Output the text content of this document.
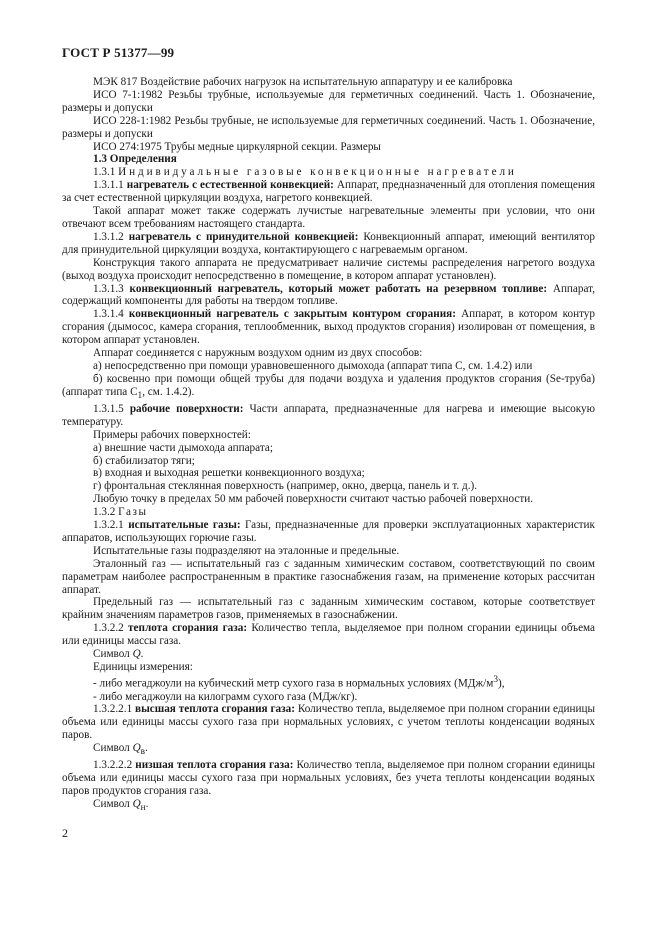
ГОСТ Р 51377—99

МЭК 817 Воздействие рабочих нагрузок на испытательную аппаратуру и ее калибровка

ИСО 7-1:1982 Резьбы трубные, используемые для герметичных соединений. Часть 1. Обозначение, размеры и допуски

ИСО 228-1:1982 Резьбы трубные, не используемые для герметичных соединений. Часть 1. Обозначение, размеры и допуски

ИСО 274:1975 Трубы медные циркулярной секции. Размеры

1.3 Определения

1.3.1 Индивидуальные газовые конвекционные нагреватели

1.3.1.1 нагреватель с естественной конвекцией: Аппарат, предназначенный для отопления помещения за счет естественной циркуляции воздуха, нагретого конвекцией.

Такой аппарат может также содержать лучистые нагревательные элементы при условии, что они отвечают всем требованиям настоящего стандарта.

1.3.1.2 нагреватель с принудительной конвекцией: Конвекционный аппарат, имеющий вентилятор для принудительной циркуляции воздуха, контактирующего с нагреваемым органом.

Конструкция такого аппарата не предусматривает наличие системы распределения нагретого воздуха (выход воздуха происходит непосредственно в помещение, в котором аппарат установлен).

1.3.1.3 конвекционный нагреватель, который может работать на резервном топливе: Аппарат, содержащий компоненты для работы на твердом топливе.

1.3.1.4 конвекционный нагреватель с закрытым контуром сгорания: Аппарат, в котором контур сгорания (дымосос, камера сгорания, теплообменник, выход продуктов сгорания) изолирован от помещения, в котором аппарат установлен.

Аппарат соединяется с наружным воздухом одним из двух способов:

а) непосредственно при помощи уравновешенного дымохода (аппарат типа С, см. 1.4.2) или

б) косвенно при помощи общей трубы для подачи воздуха и удаления продуктов сгорания (Se-труба) (аппарат типа $С_1$, см. 1.4.2).

1.3.1.5 рабочие поверхности: Части аппарата, предназначенные для нагрева и имеющие высокую температуру.

Примеры рабочих поверхностей:

а) внешние части дымохода аппарата;

б) стабилизатор тяги;

в) входная и выходная решетки конвекционного воздуха;

г) фронтальная стеклянная поверхность (например, окно, дверца, панель и т. д.).

Любую точку в пределах 50 мм рабочей поверхности считают частью рабочей поверхности.

1.3.2 Газы

1.3.2.1 испытательные газы: Газы, предназначенные для проверки эксплуатационных характеристик аппаратов, использующих горючие газы.

Испытательные газы подразделяют на эталонные и предельные.

Эталонный газ — испытательный газ с заданным химическим составом, соответствующий по своим параметрам наиболее распространенным в практике газоснабжения газам, на применение которых рассчитан аппарат.

Предельный газ — испытательный газ с заданным химическим составом, которые соответствует крайним значениям параметров газов, применяемых в газоснабжении.

1.3.2.2 теплота сгорания газа: Количество тепла, выделяемое при полном сгорании единицы объема или единицы массы газа.

Символ Q.

Единицы измерения:

- либо мегаджоули на кубический метр сухого газа в нормальных условиях $(МДж/м^3)$,

- либо мегаджоули на килограмм сухого газа (МДж/кг).

1.3.2.2.1 высшая теплота сгорания газа: Количество тепла, выделяемое при полном сгорании единицы объема или единицы массы сухого газа при нормальных условиях, с учетом теплоты конденсации водяных паров.

Символ $Q_в$.

1.3.2.2.2 низшая теплота сгорания газа: Количество тепла, выделяемое при полном сгорании единицы объема или единицы массы сухого газа при нормальных условиях, без учета теплоты конденсации водяных паров продуктов сгорания газа.

Символ $Q_н$.

2
